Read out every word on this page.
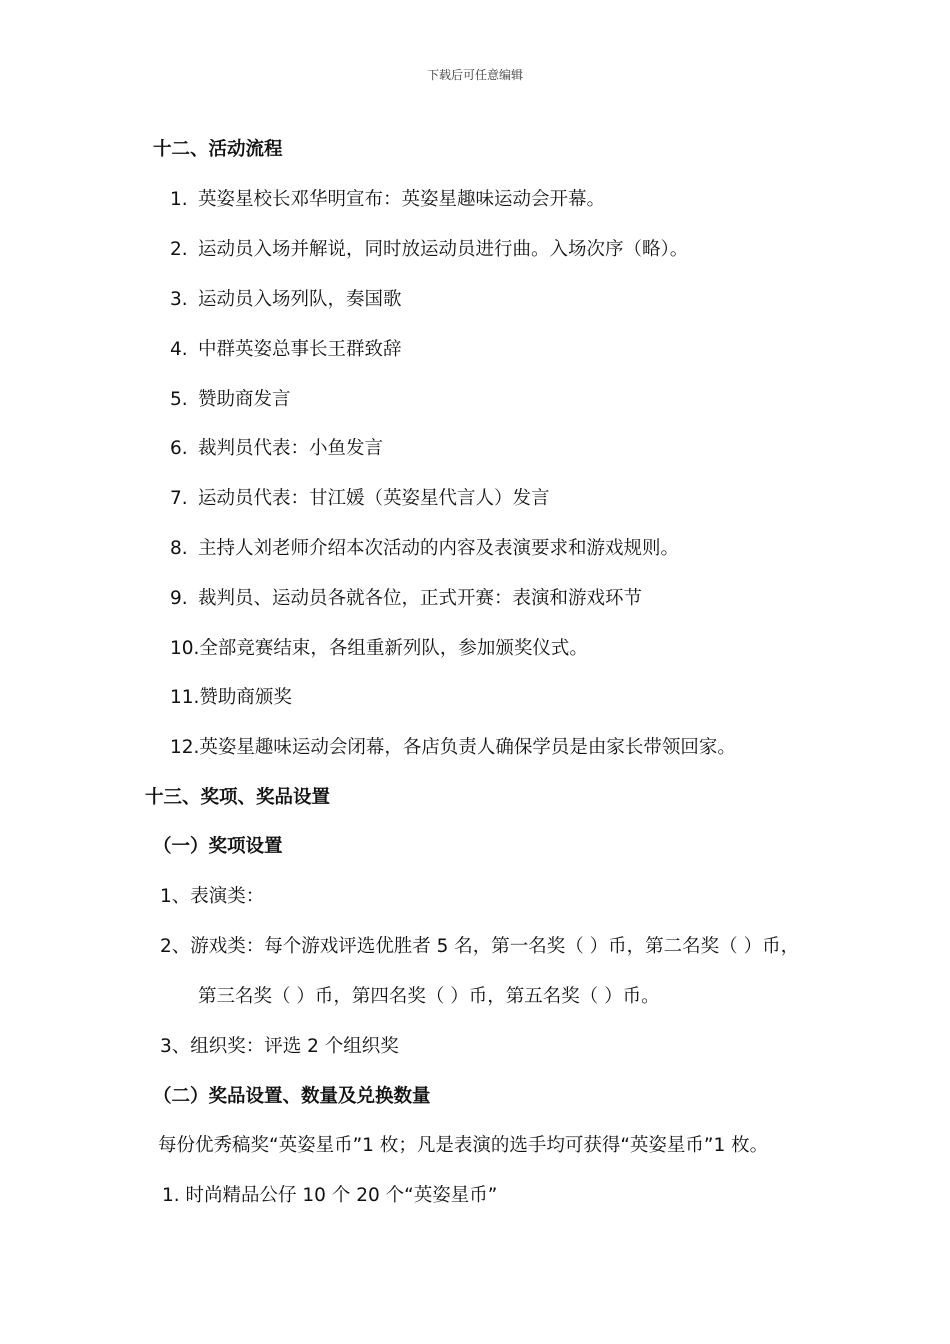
下载后可任意编辑
十二、活动流程
1. 英姿星校长邓华明宣布：英姿星趣味运动会开幕。
2. 运动员入场并解说，同时放运动员进行曲。入场次序（略）。
3. 运动员入场列队，奏国歌
4. 中群英姿总事长王群致辞
5. 赞助商发言
6. 裁判员代表：小鱼发言
7. 运动员代表：甘江媛（英姿星代言人）发言
8. 主持人刘老师介绍本次活动的内容及表演要求和游戏规则。
9. 裁判员、运动员各就各位，正式开赛：表演和游戏环节
10.全部竞赛结束，各组重新列队，参加颁奖仪式。
11.赞助商颁奖
12.英姿星趣味运动会闭幕，各店负责人确保学员是由家长带领回家。
十三、奖项、奖品设置
（一）奖项设置
1、表演类：
2、游戏类：每个游戏评选优胜者 5 名，第一名奖（ ）币，第二名奖（ ）币，
第三名奖（ ）币，第四名奖（ ）币，第五名奖（ ）币。
3、组织奖：评选 2 个组织奖
（二）奖品设置、数量及兑换数量
每份优秀稿奖“英姿星币”1 枚；凡是表演的选手均可获得“英姿星币”1 枚。
1. 时尚精品公仔 10 个 20 个“英姿星币”
